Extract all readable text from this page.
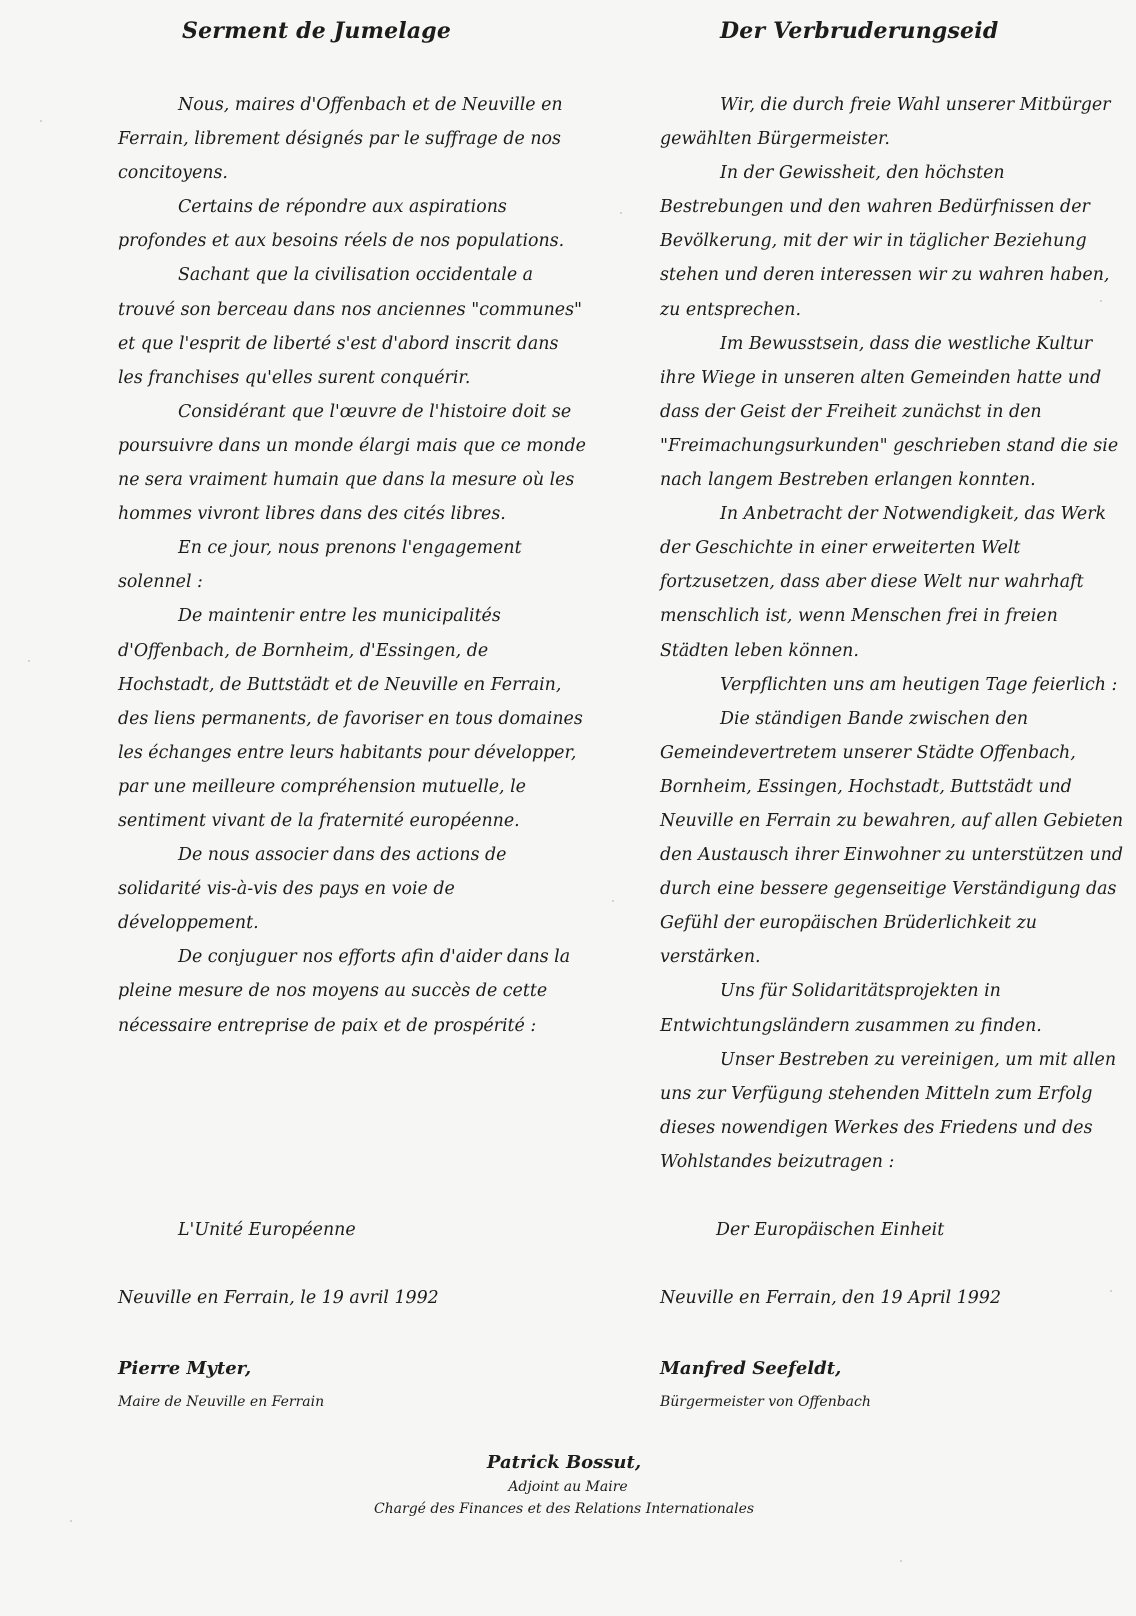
Serment de Jumelage

Nous, maires d'Offenbach et de Neuville en Ferrain, librement désignés par le suffrage de nos concitoyens.

Certains de répondre aux aspirations profondes et aux besoins réels de nos populations.

Sachant que la civilisation occidentale a trouvé son berceau dans nos anciennes "communes" et que l'esprit de liberté s'est d'abord inscrit dans les franchises qu'elles surent conquérir.

Considérant que l'œuvre de l'histoire doit se poursuivre dans un monde élargi mais que ce monde ne sera vraiment humain que dans la mesure où les hommes vivront libres dans des cités libres.

En ce jour, nous prenons l'engagement solennel :

De maintenir entre les municipalités d'Offenbach, de Bornheim, d'Essingen, de Hochstadt, de Buttstädt et de Neuville en Ferrain, des liens permanents, de favoriser en tous domaines les échanges entre leurs habitants pour développer, par une meilleure compréhension mutuelle, le sentiment vivant de la fraternité européenne.

De nous associer dans des actions de solidarité vis-à-vis des pays en voie de développement.

De conjuguer nos efforts afin d'aider dans la pleine mesure de nos moyens au succès de cette nécessaire entreprise de paix et de prospérité :

L'Unité Européenne
Neuville en Ferrain, le 19 avril 1992
Pierre Myter,
Maire de Neuville en Ferrain
Der Verbruderungseid

Wir, die durch freie Wahl unserer Mitbürger gewählten Bürgermeister.

In der Gewissheit, den höchsten Bestrebungen und den wahren Bedürfnissen der Bevölkerung, mit der wir in täglicher Beziehung stehen und deren interessen wir zu wahren haben, zu entsprechen.

Im Bewusstsein, dass die westliche Kultur ihre Wiege in unseren alten Gemeinden hatte und dass der Geist der Freiheit zunächst in den "Freimachungsurkunden" geschrieben stand die sie nach langem Bestreben erlangen konnten.

In Anbetracht der Notwendigkeit, das Werk der Geschichte in einer erweiterten Welt fortzusetzen, dass aber diese Welt nur wahrhaft menschlich ist, wenn Menschen frei in freien Städten leben können.

Verpflichten uns am heutigen Tage feierlich :

Die ständigen Bande zwischen den Gemeindevertretem unserer Städte Offenbach, Bornheim, Essingen, Hochstadt, Buttstädt und Neuville en Ferrain zu bewahren, auf allen Gebieten den Austausch ihrer Einwohner zu unterstützen und durch eine bessere gegenseitige Verständigung das Gefühl der europäischen Brüderlichkeit zu verstärken.

Uns für Solidaritätsprojekten in Entwichtungsländern zusammen zu finden.

Unser Bestreben zu vereinigen, um mit allen uns zur Verfügung stehenden Mitteln zum Erfolg dieses nowendigen Werkes des Friedens und des Wohlstandes beizutragen :

Der Europäischen Einheit
Neuville en Ferrain, den 19 April 1992
Manfred Seefeldt,
Bürgermeister von Offenbach
Patrick Bossut,
Adjoint au Maire
Chargé des Finances et des Relations Internationales
